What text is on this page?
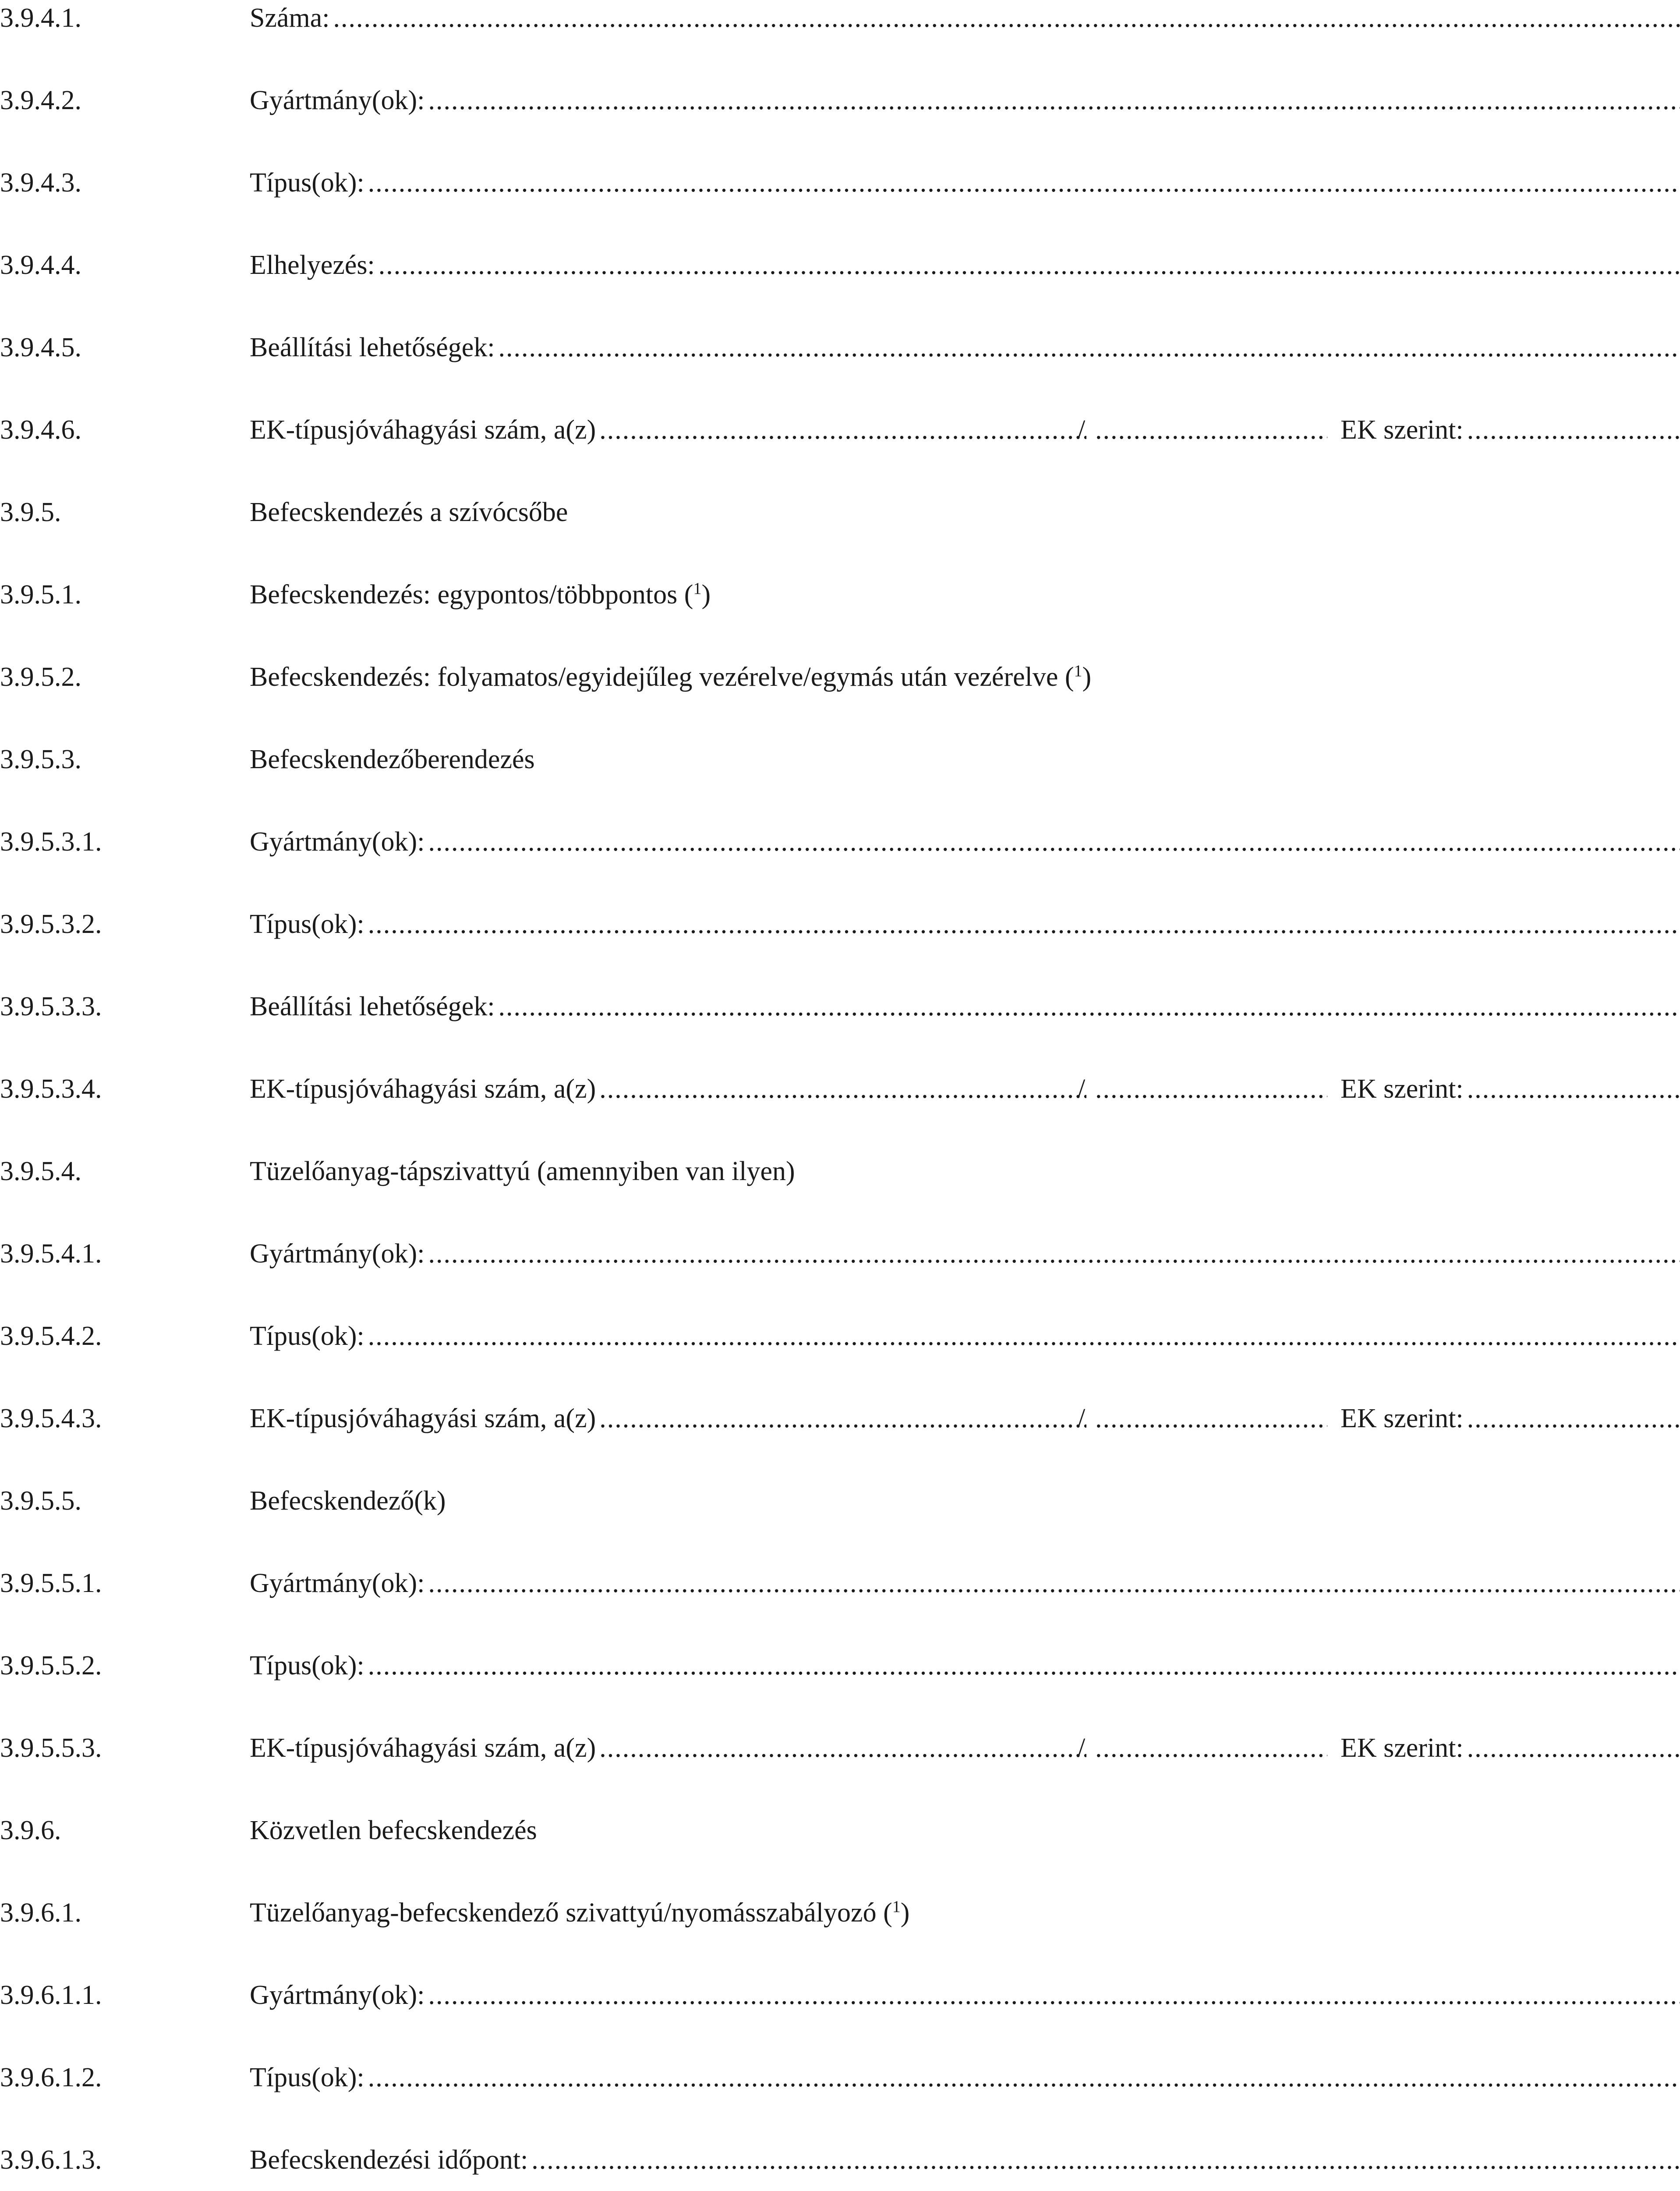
3.9.4.1.	Száma:
.....
3.9.4.2.	Gyártmány(ok):
.....
3.9.4.3.	Típus(ok):
.....
3.9.4.4.	Elhelyezés:
.....
3.9.4.5.	Beállítási lehetőségek:
.....
3.9.4.6.	EK-típusjóváhagyási szám, a(z) .....	/ .....	EK szerint:
.....
3.9.5.	Befecskendezés a szívócsőbe
3.9.5.1.	Befecskendezés: egypontos/többpontos ($^1$)
3.9.5.2.	Befecskendezés: folyamatos/egyidejűleg vezérelve/egymás után vezérelve ($^1$)
3.9.5.3.	Befecskendezőberendezés
3.9.5.3.1.	Gyártmány(ok):
.....
3.9.5.3.2.	Típus(ok):
.....
3.9.5.3.3.	Beállítási lehetőségek:
.....
3.9.5.3.4.	EK-típusjóváhagyási szám, a(z) .....	/ .....	EK szerint:
.....
3.9.5.4.	Tüzelőanyag-tápszivattyú (amennyiben van ilyen)
3.9.5.4.1.	Gyártmány(ok):
.....
3.9.5.4.2.	Típus(ok):
.....
3.9.5.4.3.	EK-típusjóváhagyási szám, a(z) .....	/ .....	EK szerint:
.....
3.9.5.5.	Befecskendező(k)
3.9.5.5.1.	Gyártmány(ok):
.....
3.9.5.5.2.	Típus(ok):
.....
3.9.5.5.3.	EK-típusjóváhagyási szám, a(z) .....	/ .....	EK szerint:
.....
3.9.6.	Közvetlen befecskendezés
3.9.6.1.	Tüzelőanyag-befecskendező szivattyú/nyomásszabályozó ($^1$)
3.9.6.1.1.	Gyártmány(ok):
.....
3.9.6.1.2.	Típus(ok):
.....
3.9.6.1.3.	Befecskendezési időpont:
.....
